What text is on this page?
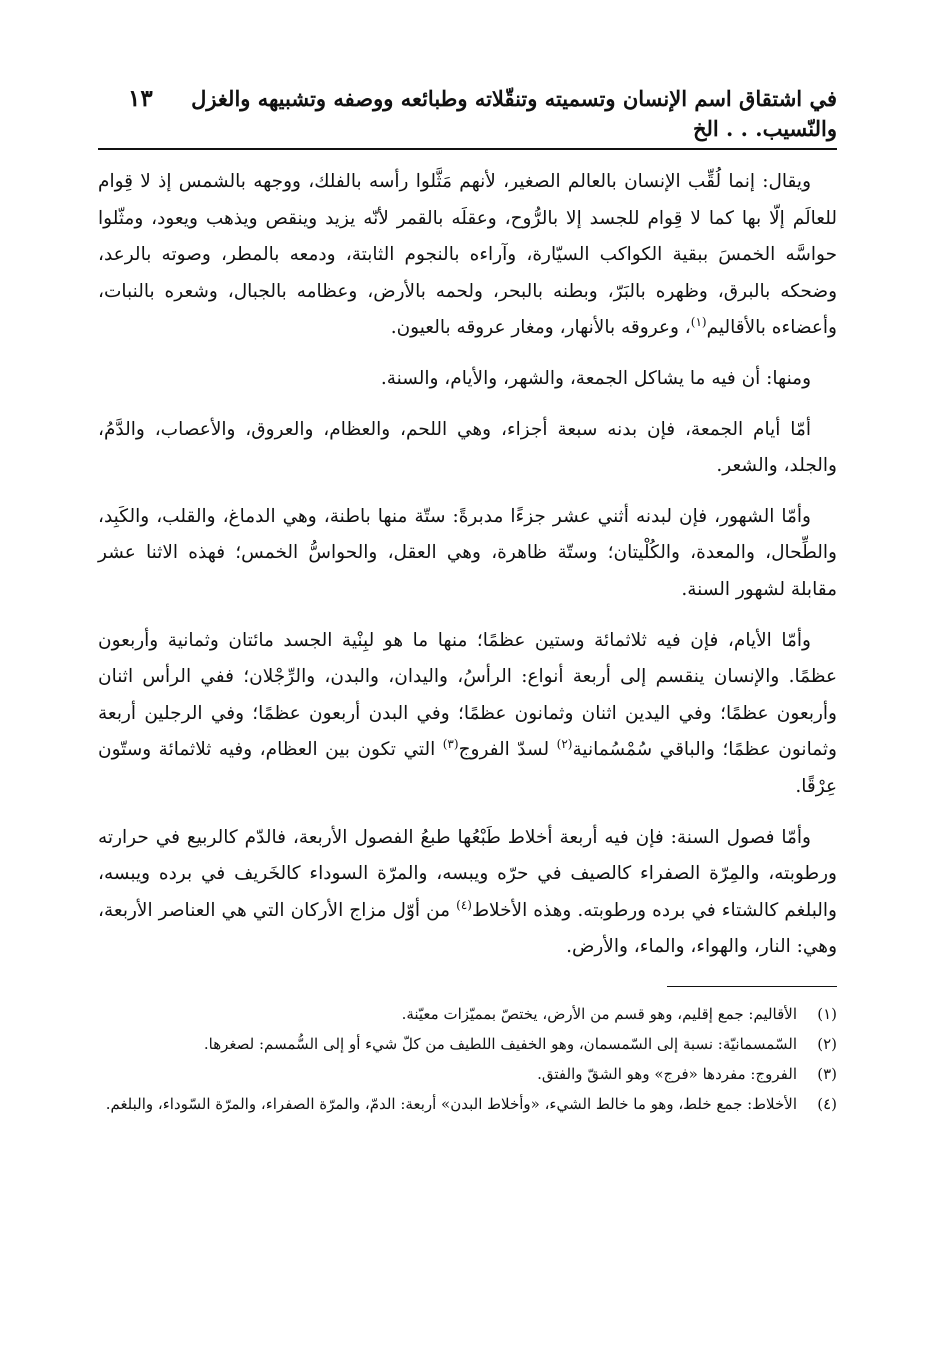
في اشتقاق اسم الإنسان وتسميته وتنقّلاته وطبائعه ووصفه وتشبيهه والغزل والنّسيب. . . الخ
١٣

ويقال: إنما لُقِّب الإنسان بالعالم الصغير، لأنهم مَثَّلوا رأسه بالفلك، ووجهه بالشمس إذ لا قِوام للعالَم إلّا بها كما لا قِوام للجسد إلا بالرُّوح، وعقلَه بالقمر لأنّه يزيد وينقص ويذهب ويعود، ومثّلوا حواسَّه الخمسَ ببقية الكواكب السيّارة، وآراءه بالنجوم الثابتة، ودمعه بالمطر، وصوته بالرعد، وضحكه بالبرق، وظهره بالبَرّ، وبطنه بالبحر، ولحمه بالأرض، وعظامه بالجبال، وشعره بالنبات، وأعضاءه بالأقاليم$^{(١)}$، وعروقه بالأنهار، ومغار عروقه بالعيون.

ومنها: أن فيه ما يشاكل الجمعة، والشهر، والأيام، والسنة.

أمّا أيام الجمعة، فإن بدنه سبعة أجزاء، وهي اللحم، والعظام، والعروق، والأعصاب، والدَّمُ، والجلد، والشعر.

وأمّا الشهور، فإن لبدنه أثني عشر جزءًا مدبرةً: ستّة منها باطنة، وهي الدماغ، والقلب، والكَبِد، والطِّحال، والمعدة، والكُلْيتان؛ وستّة ظاهرة، وهي العقل، والحواسُّ الخمس؛ فهذه الاثنا عشر مقابلة لشهور السنة.

وأمّا الأيام، فإن فيه ثلاثمائة وستين عظمًا؛ منها ما هو لبِنْية الجسد مائتان وثمانية وأربعون عظمًا. والإنسان ينقسم إلى أربعة أنواع: الرأسُ، واليدان، والبدن، والرِّجْلان؛ ففي الرأس اثنان وأربعون عظمًا؛ وفي اليدين اثنان وثمانون عظمًا؛ وفي البدن أربعون عظمًا؛ وفي الرجلين أربعة وثمانون عظمًا؛ والباقي سُمْسُمانية$^{(٢)}$ لسدّ الفروج$^{(٣)}$ التي تكون بين العظام، وفيه ثلاثمائة وستّون عِرْقًا.

وأمّا فصول السنة: فإن فيه أربعة أخلاط طَبْعُها طبعُ الفصول الأربعة، فالدّم كالربيع في حرارته ورطوبته، والمِرّة الصفراء كالصيف في حرّه ويبسه، والمرّة السوداء كالخَريف في برده ويبسه، والبلغم كالشتاء في برده ورطوبته. وهذه الأخلاط$^{(٤)}$ من أوّل مزاج الأركان التي هي العناصر الأربعة، وهي: النار، والهواء، والماء، والأرض.

(١)
الأقاليم: جمع إقليم، وهو قسم من الأرض، يختصّ بمميّزات معيّنة.
(٢)
السّمسمانيّة: نسبة إلى السّمسمان، وهو الخفيف اللطيف من كلّ شيء أو إلى السُّمسم: لصغرها.
(٣)
الفروج: مفردها «فرج» وهو الشقّ والفتق.
(٤)
الأخلاط: جمع خلط، وهو ما خالط الشيء، «وأخلاط البدن» أربعة: الدمّ، والمرّة الصفراء، والمرّة السّوداء، والبلغم.
